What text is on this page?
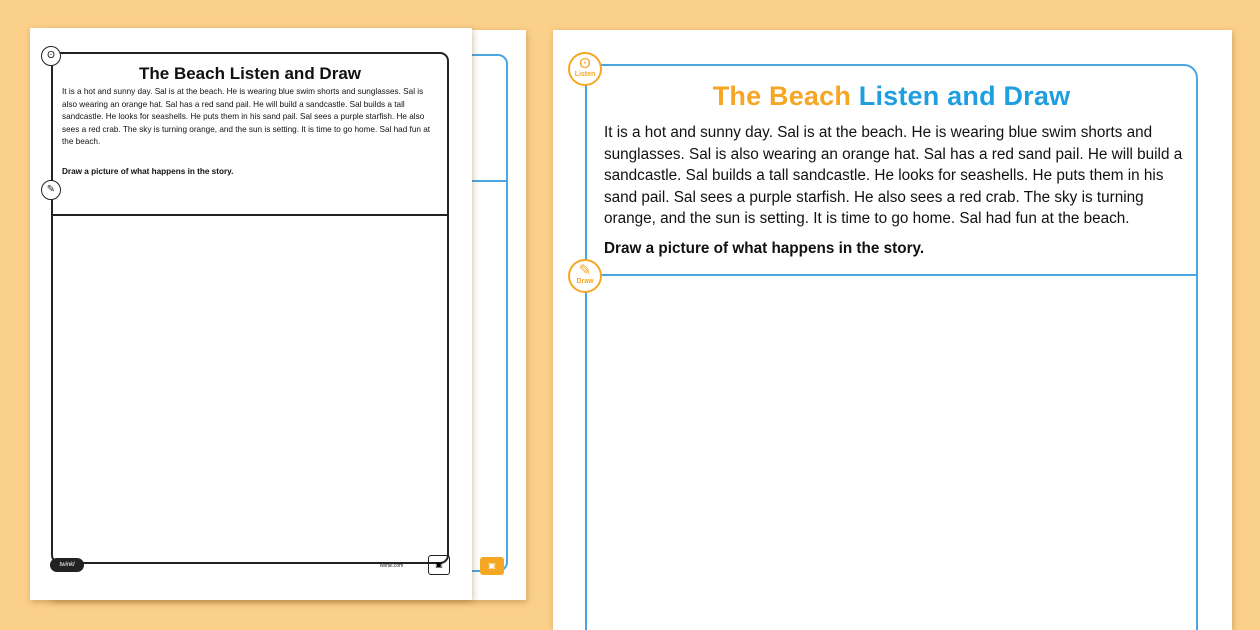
▣
ʘ
The Beach Listen and Draw

It is a hot and sunny day. Sal is at the beach. He is wearing blue swim shorts and sunglasses. Sal is also wearing an orange hat. Sal has a red sand pail. He will build a sandcastle. Sal builds a tall sandcastle. He looks for seashells. He puts them in his sand pail. Sal sees a purple starfish. He also sees a red crab. The sky is turning orange, and the sun is setting. It is time to go home. Sal had fun at the beach.

Draw a picture of what happens in the story.

✎
twinkl	twinkl.com	▣
ʘ
Listen
The Beach Listen and Draw

It is a hot and sunny day. Sal is at the beach. He is wearing blue swim shorts and sunglasses. Sal is also wearing an orange hat. Sal has a red sand pail. He will build a sandcastle. Sal builds a tall sandcastle. He looks for seashells. He puts them in his sand pail. Sal sees a purple starfish. He also sees a red crab. The sky is turning orange, and the sun is setting. It is time to go home. Sal had fun at the beach.

Draw a picture of what happens in the story.

✎
Draw
